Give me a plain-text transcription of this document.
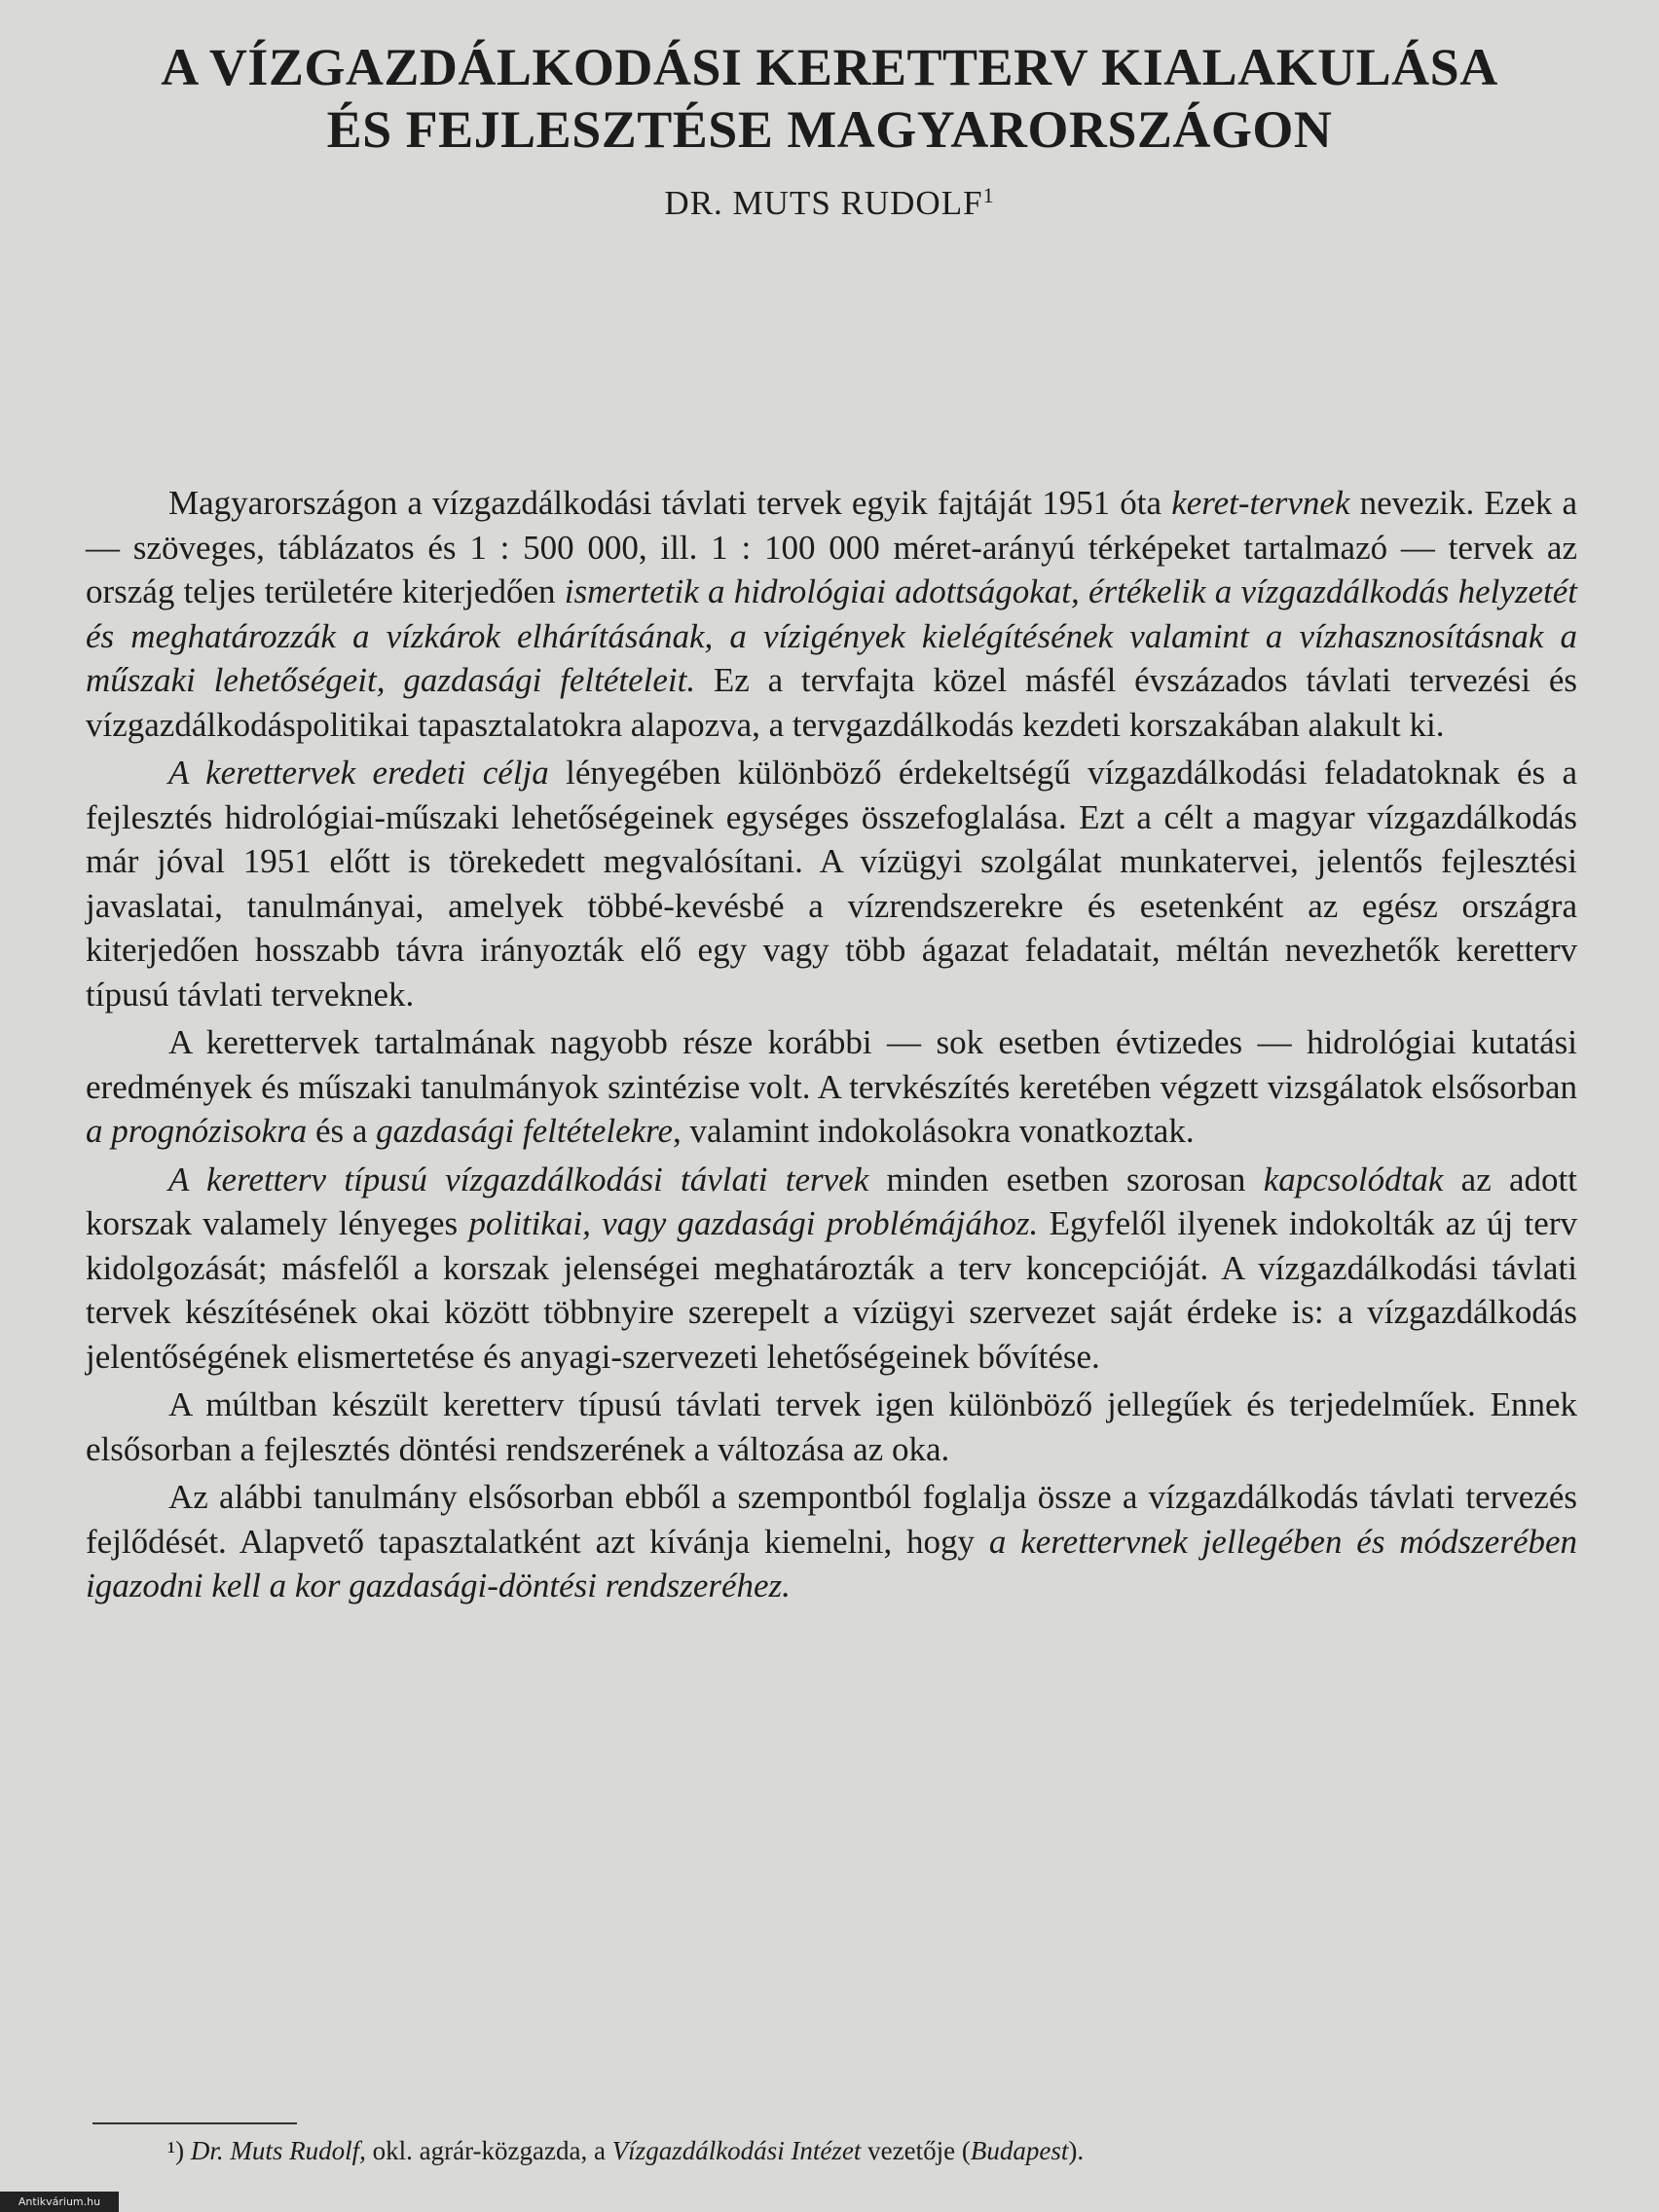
A VÍZGAZDÁLKODÁSI KERETTERV KIALAKULÁSA
ÉS FEJLESZTÉSE MAGYARORSZÁGON
DR. MUTS RUDOLF$^1$

Magyarországon a vízgazdálkodási távlati tervek egyik fajtáját 1951 óta keret-tervnek nevezik. Ezek a — szöveges, táblázatos és 1 : 500 000, ill. 1 : 100 000 méret-arányú térképeket tartalmazó — tervek az ország teljes területére kiterjedően ismertetik a hidrológiai adottságokat, értékelik a vízgazdálkodás helyzetét és meghatározzák a vízkárok elhárításának, a vízigények kielégítésének valamint a vízhasznosításnak a műszaki lehetőségeit, gazdasági feltételeit. Ez a tervfajta közel másfél évszázados távlati tervezési és vízgazdálkodáspolitikai tapasztalatokra alapozva, a tervgazdálkodás kezdeti korszakában alakult ki.

A kerettervek eredeti célja lényegében különböző érdekeltségű vízgazdálkodási feladatoknak és a fejlesztés hidrológiai-műszaki lehetőségeinek egységes összefoglalása. Ezt a célt a magyar vízgazdálkodás már jóval 1951 előtt is törekedett megvalósítani. A vízügyi szolgálat munkatervei, jelentős fejlesztési javaslatai, tanulmányai, amelyek többé-kevésbé a vízrendszerekre és esetenként az egész országra kiterjedően hosszabb távra irányozták elő egy vagy több ágazat feladatait, méltán nevezhetők keretterv típusú távlati terveknek.

A kerettervek tartalmának nagyobb része korábbi — sok esetben évtizedes — hidrológiai kutatási eredmények és műszaki tanulmányok szintézise volt. A tervkészítés keretében végzett vizsgálatok elsősorban a prognózisokra és a gazdasági feltételekre, valamint indokolásokra vonatkoztak.

A keretterv típusú vízgazdálkodási távlati tervek minden esetben szorosan kapcsolódtak az adott korszak valamely lényeges politikai, vagy gazdasági problémájához. Egyfelől ilyenek indokolták az új terv kidolgozását; másfelől a korszak jelenségei meghatározták a terv koncepcióját. A vízgazdálkodási távlati tervek készítésének okai között többnyire szerepelt a vízügyi szervezet saját érdeke is: a vízgazdálkodás jelentőségének elismertetése és anyagi-szervezeti lehetőségeinek bővítése.

A múltban készült keretterv típusú távlati tervek igen különböző jellegűek és terjedelműek. Ennek elsősorban a fejlesztés döntési rendszerének a változása az oka.

Az alábbi tanulmány elsősorban ebből a szempontból foglalja össze a vízgazdálkodás távlati tervezés fejlődését. Alapvető tapasztalatként azt kívánja kiemelni, hogy a kerettervnek jellegében és módszerében igazodni kell a kor gazdasági-döntési rendszeréhez.

¹) Dr. Muts Rudolf, okl. agrár-közgazda, a Vízgazdálkodási Intézet vezetője (Budapest).
Antikvárium.hu
